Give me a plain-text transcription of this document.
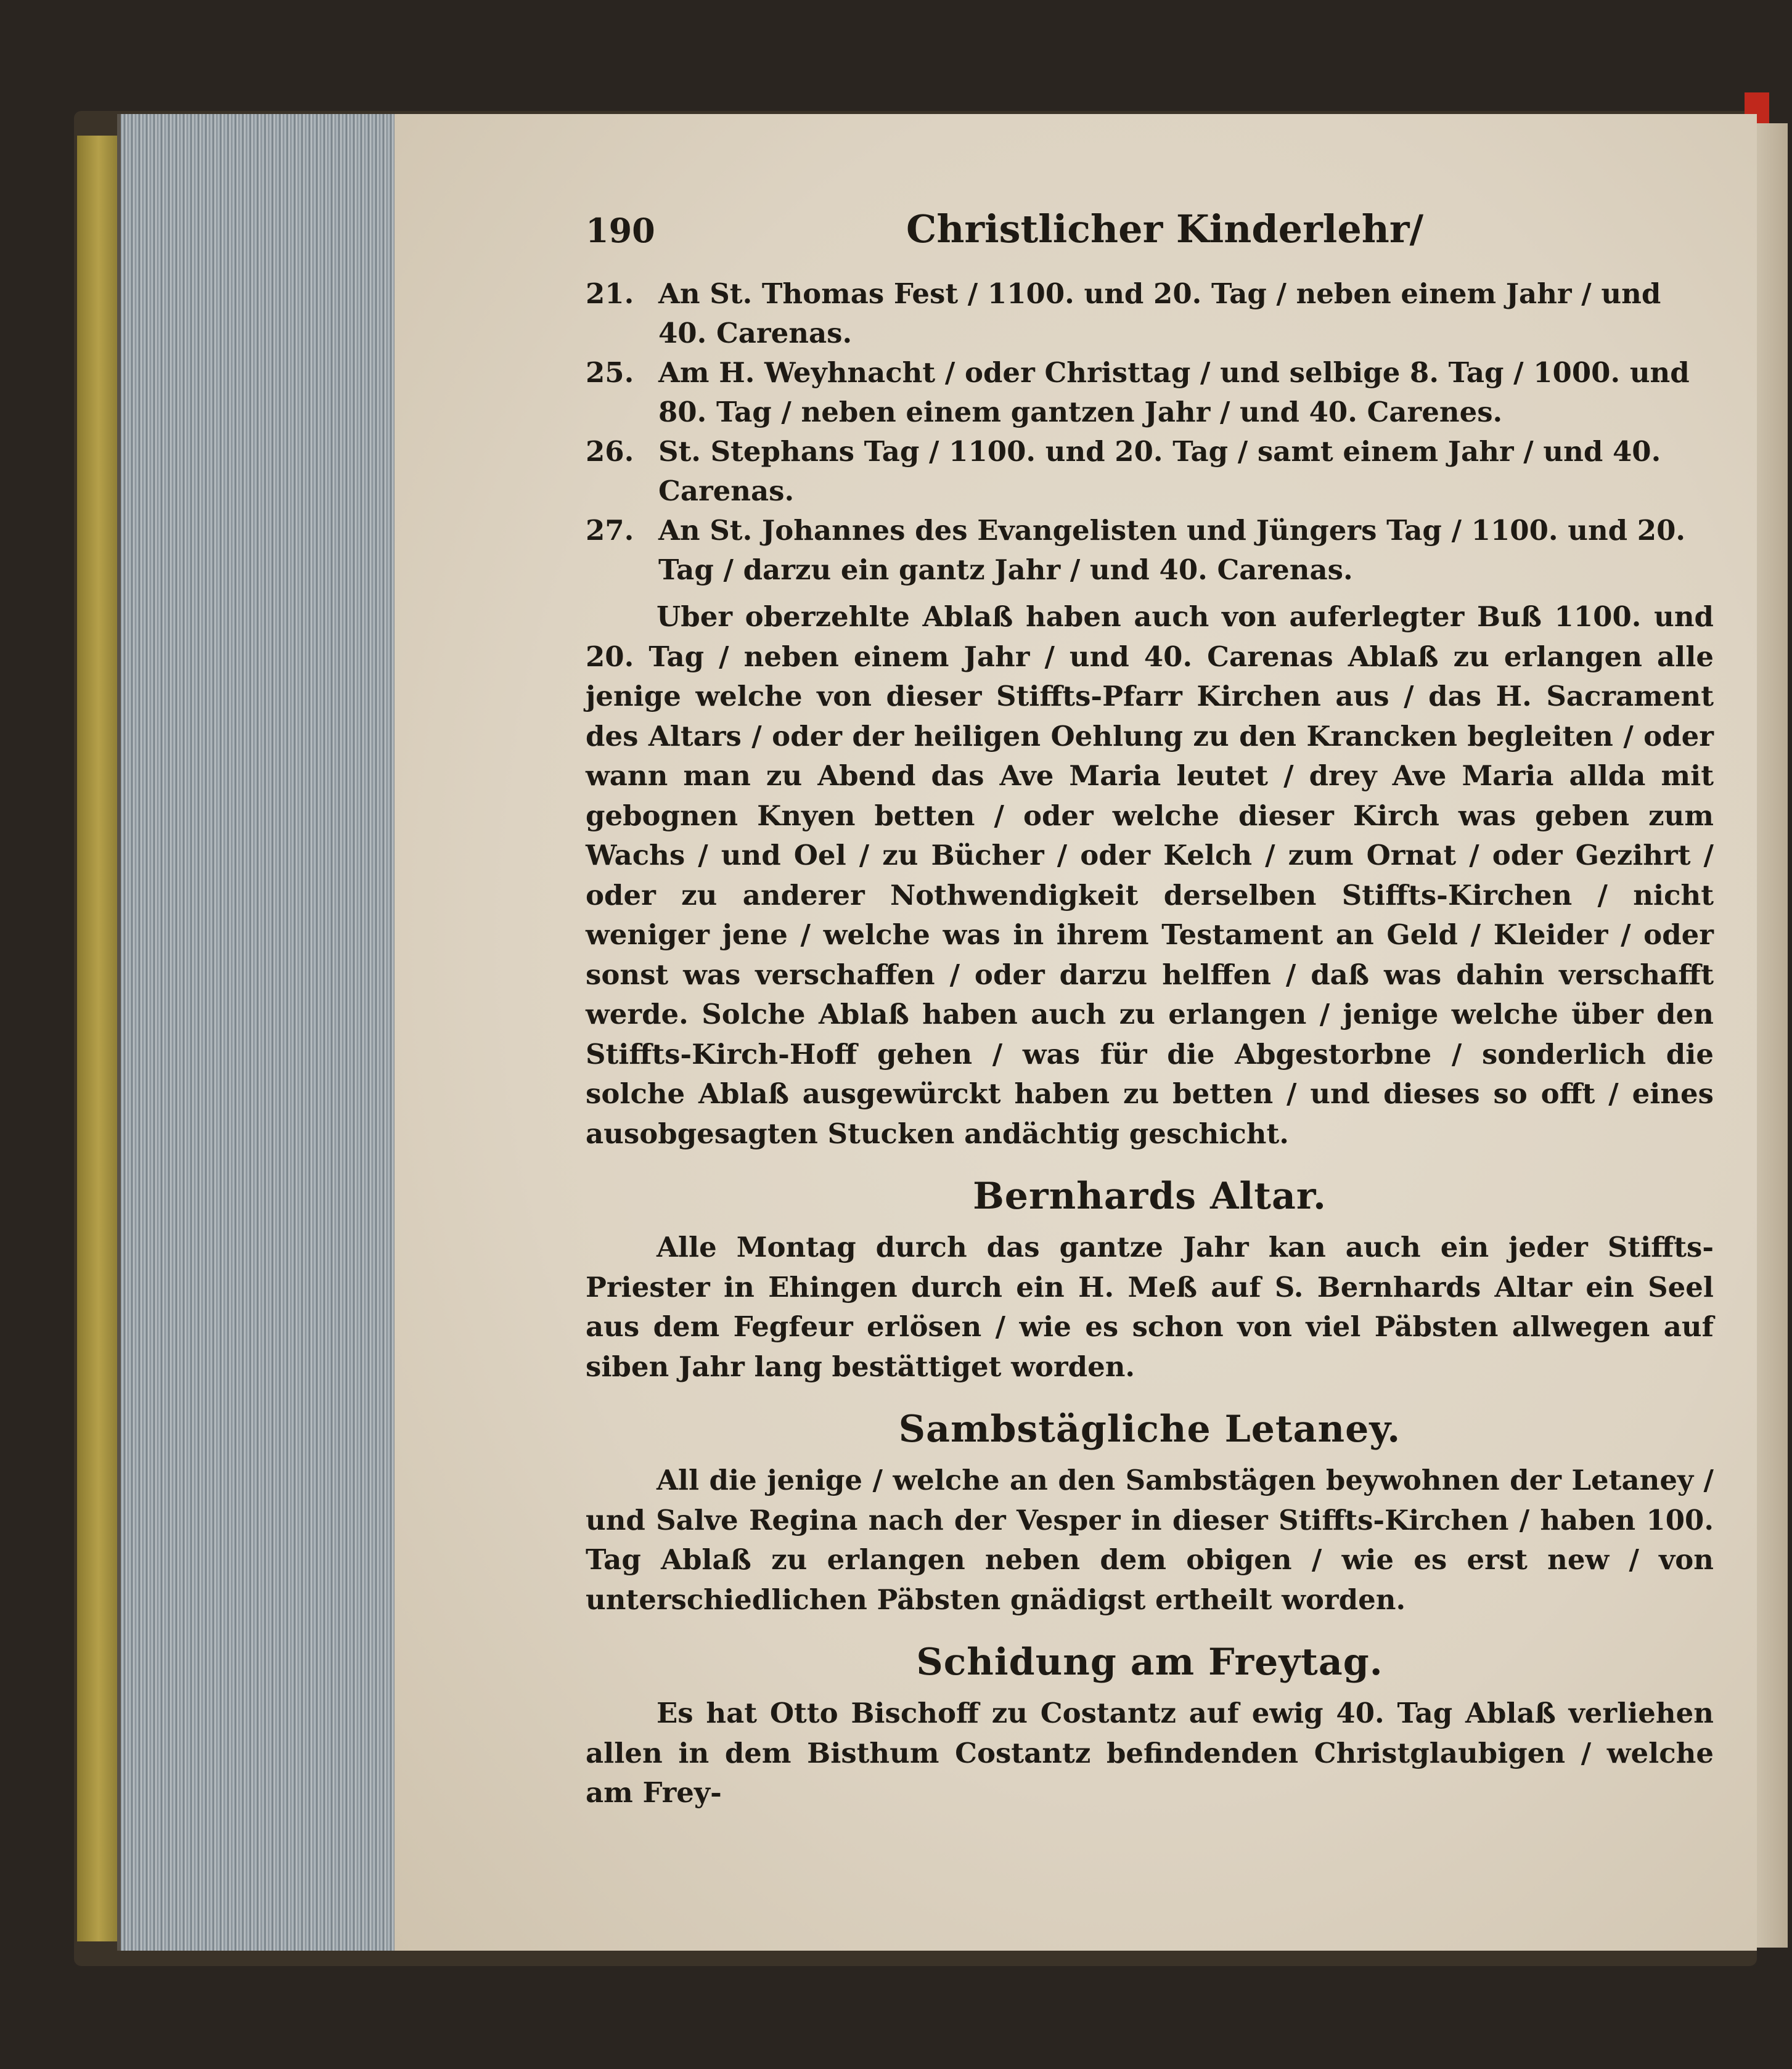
190	Christlicher Kinderlehr/
21. An St. Thomas Fest / 1100. und 20. Tag / neben einem Jahr / und 40. Carenas.
25. Am H. Weyhnacht / oder Christtag / und selbige 8. Tag / 1000. und 80. Tag / neben einem gantzen Jahr / und 40. Carenes.
26. St. Stephans Tag / 1100. und 20. Tag / samt einem Jahr / und 40. Carenas.
27. An St. Johannes des Evangelisten und Jüngers Tag / 1100. und 20. Tag / darzu ein gantz Jahr / und 40. Carenas.

Uber oberzehlte Ablaß haben auch von auferlegter Buß 1100. und 20. Tag / neben einem Jahr / und 40. Carenas Ablaß zu erlangen alle jenige welche von dieser Stiffts-Pfarr Kirchen aus / das H. Sacrament des Altars / oder der heiligen Oehlung zu den Krancken begleiten / oder wann man zu Abend das Ave Maria leutet / drey Ave Maria allda mit gebognen Knyen betten / oder welche dieser Kirch was geben zum Wachs / und Oel / zu Bücher / oder Kelch / zum Ornat / oder Gezihrt / oder zu anderer Nothwendigkeit derselben Stiffts-Kirchen / nicht weniger jene / welche was in ihrem Testament an Geld / Kleider / oder sonst was verschaffen / oder darzu helffen / daß was dahin verschafft werde. Solche Ablaß haben auch zu erlangen / jenige welche über den Stiffts-Kirch-Hoff gehen / was für die Abgestorbne / sonderlich die solche Ablaß ausgewürckt haben zu betten / und dieses so offt / eines ausobgesagten Stucken andächtig geschicht.

Bernhards Altar.

Alle Montag durch das gantze Jahr kan auch ein jeder Stiffts-Priester in Ehingen durch ein H. Meß auf S. Bernhards Altar ein Seel aus dem Fegfeur erlösen / wie es schon von viel Päbsten allwegen auf siben Jahr lang bestättiget worden.

Sambstägliche Letaney.

All die jenige / welche an den Sambstägen beywohnen der Letaney / und Salve Regina nach der Vesper in dieser Stiffts-Kirchen / haben 100. Tag Ablaß zu erlangen neben dem obigen / wie es erst new / von unterschiedlichen Päbsten gnädigst ertheilt worden.

Schidung am Freytag.

Es hat Otto Bischoff zu Costantz auf ewig 40. Tag Ablaß verliehen allen in dem Bisthum Costantz befindenden Christglaubigen / welche am Frey-
